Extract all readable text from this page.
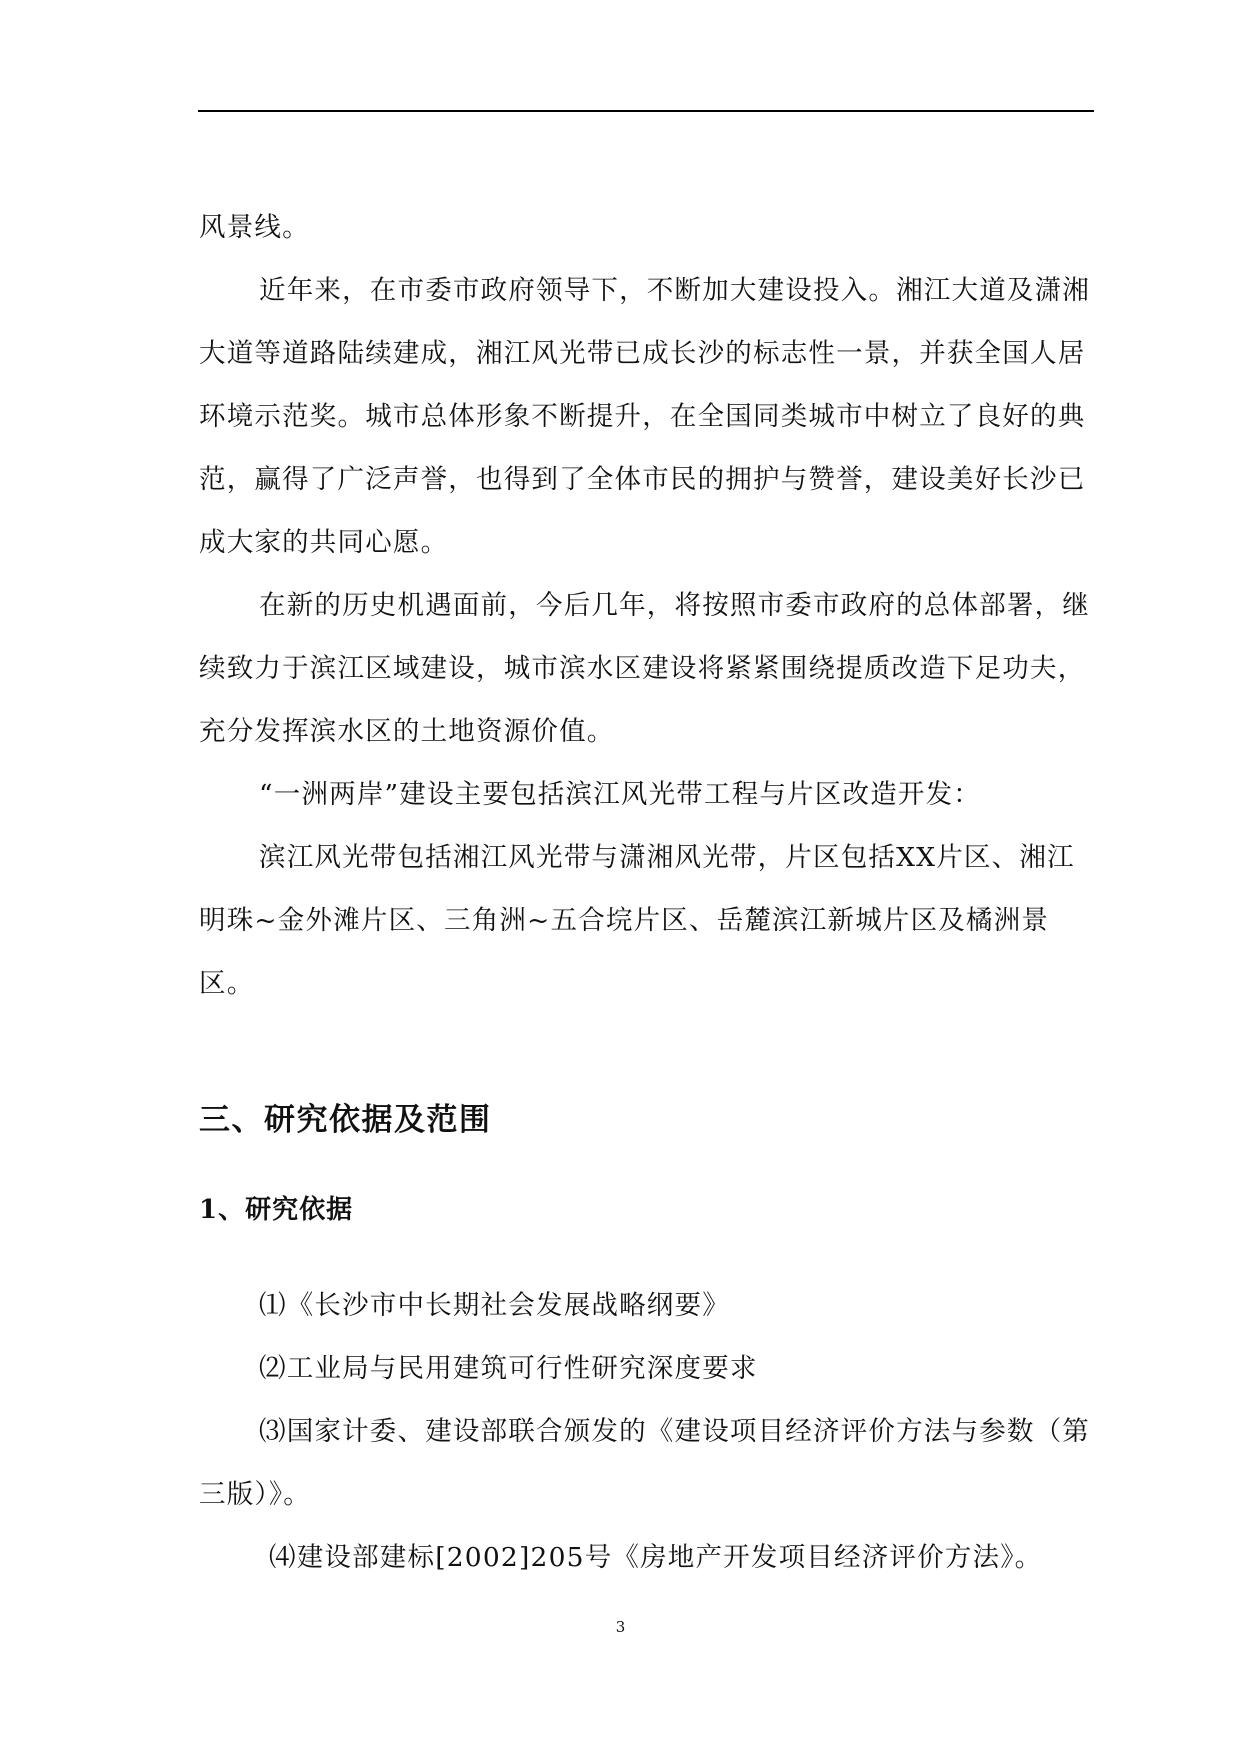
风景线。

近年来，在市委市政府领导下，不断加大建设投入。湘江大道及潇湘大道等道路陆续建成，湘江风光带已成长沙的标志性一景，并获全国人居环境示范奖。城市总体形象不断提升，在全国同类城市中树立了良好的典范，赢得了广泛声誉，也得到了全体市民的拥护与赞誉，建设美好长沙已成大家的共同心愿。

在新的历史机遇面前，今后几年，将按照市委市政府的总体部署，继续致力于滨江区域建设，城市滨水区建设将紧紧围绕提质改造下足功夫，充分发挥滨水区的土地资源价值。

“一洲两岸”建设主要包括滨江风光带工程与片区改造开发：

滨江风光带包括湘江风光带与潇湘风光带，片区包括XX片区、湘江明珠~金外滩片区、三角洲~五合垸片区、岳麓滨江新城片区及橘洲景区。

三、研究依据及范围
1、研究依据

⑴《长沙市中长期社会发展战略纲要》

⑵工业局与民用建筑可行性研究深度要求

⑶国家计委、建设部联合颁发的《建设项目经济评价方法与参数（第三版）》。

⑷建设部建标[2002]205号《房地产开发项目经济评价方法》。

3
